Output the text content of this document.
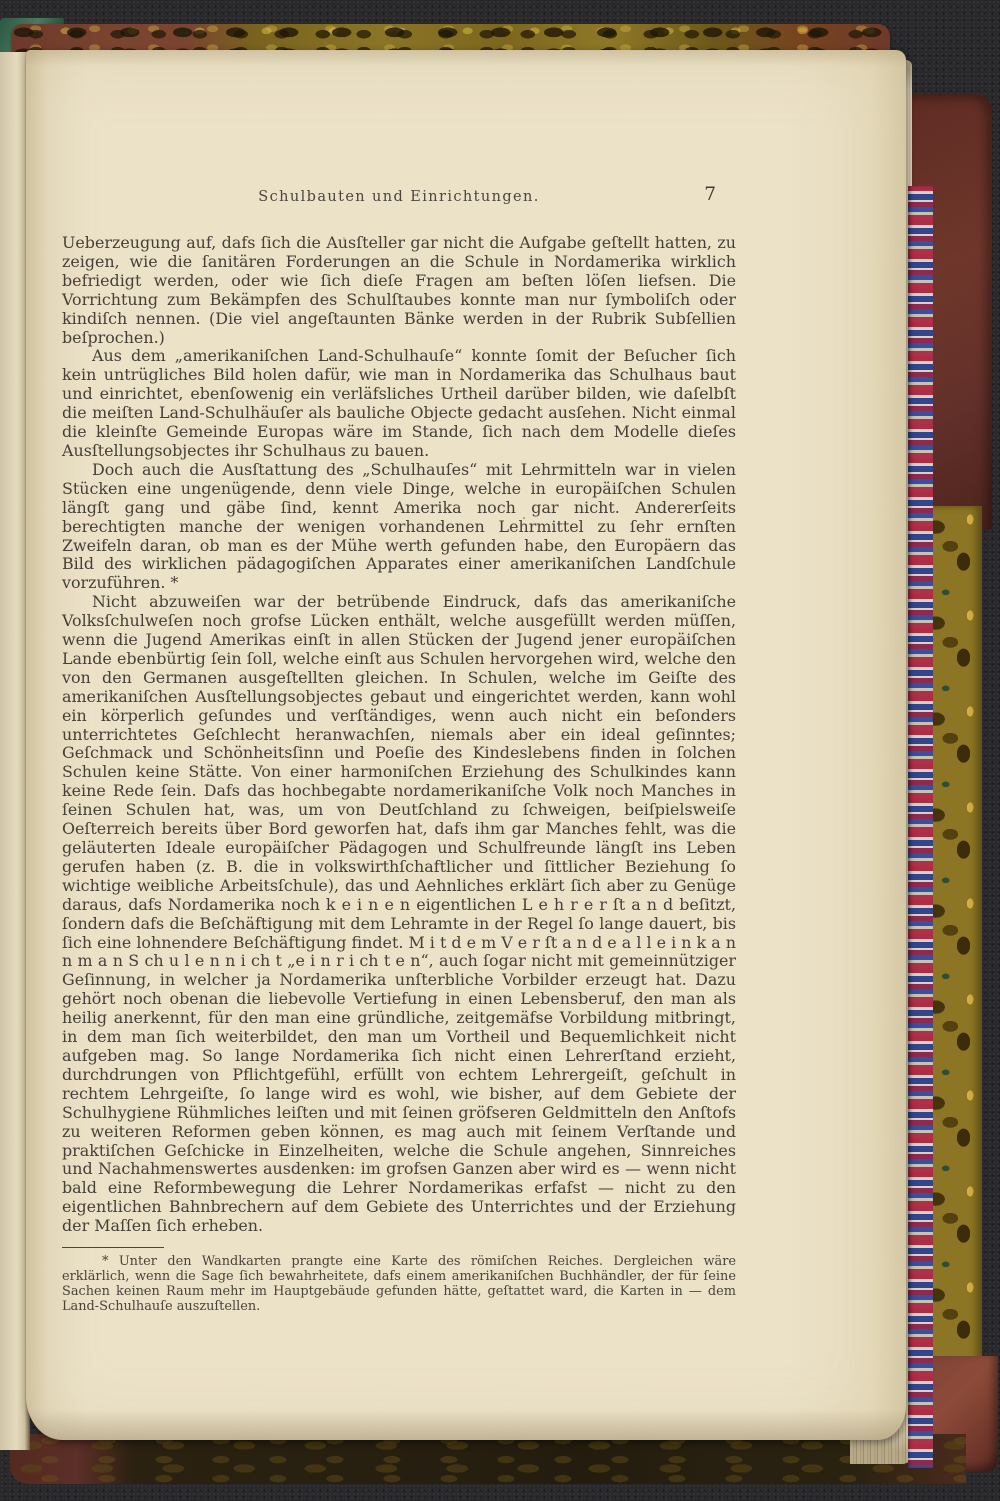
Schulbauten und Einrichtungen.	7

Ueberzeugung auf, dafs ſich die Ausſteller gar nicht die Aufgabe geſtellt hatten, zu zeigen, wie die ſanitären Forderungen an die Schule in Nordamerika wirklich befriedigt werden, oder wie ſich dieſe Fragen am beſten löſen liefsen. Die Vorrichtung zum Bekämpfen des Schulſtaubes konnte man nur ſymboliſch oder kindiſch nennen. (Die viel angeſtaunten Bänke werden in der Rubrik Subſellien beſprochen.)

Aus dem „amerikaniſchen Land-Schulhauſe“ konnte ſomit der Beſucher ſich kein untrügliches Bild holen dafür, wie man in Nordamerika das Schulhaus baut und einrichtet, ebenſowenig ein verläfsliches Urtheil darüber bilden, wie daſelbſt die meiſten Land-Schulhäuſer als bauliche Objecte gedacht ausſehen. Nicht einmal die kleinſte Gemeinde Europas wäre im Stande, ſich nach dem Modelle dieſes Ausſtellungsobjectes ihr Schulhaus zu bauen.

Doch auch die Ausſtattung des „Schulhauſes“ mit Lehrmitteln war in vielen Stücken eine ungenügende, denn viele Dinge, welche in europäiſchen Schulen längſt gang und gäbe ſind, kennt Amerika noch gar nicht. Andererſeits berechtigten manche der wenigen vorhandenen Lehrmittel zu ſehr ernſten Zweifeln daran, ob man es der Mühe werth gefunden habe, den Europäern das Bild des wirklichen pädagogiſchen Apparates einer amerikaniſchen Landſchule vorzuführen. *

Nicht abzuweiſen war der betrübende Eindruck, dafs das amerikaniſche Volksſchulweſen noch grofse Lücken enthält, welche ausgefüllt werden müſſen, wenn die Jugend Amerikas einſt in allen Stücken der Jugend jener europäiſchen Lande ebenbürtig ſein ſoll, welche einſt aus Schulen hervorgehen wird, welche den von den Germanen ausgeſtellten gleichen. In Schulen, welche im Geiſte des amerikaniſchen Ausſtellungsobjectes gebaut und eingerichtet werden, kann wohl ein körperlich geſundes und verſtändiges, wenn auch nicht ein beſonders unterrichtetes Geſchlecht heranwachſen, niemals aber ein ideal geſinntes; Geſchmack und Schönheitsſinn und Poeſie des Kindeslebens finden in ſolchen Schulen keine Stätte. Von einer harmoniſchen Erziehung des Schulkindes kann keine Rede ſein. Dafs das hochbegabte nordamerikaniſche Volk noch Manches in ſeinen Schulen hat, was, um von Deutſchland zu ſchweigen, beiſpielsweiſe Oeſterreich bereits über Bord geworfen hat, dafs ihm gar Manches fehlt, was die geläuterten Ideale europäiſcher Pädagogen und Schulfreunde längſt ins Leben gerufen haben (z. B. die in volkswirthſchaftlicher und ſittlicher Beziehung ſo wichtige weibliche Arbeitsſchule), das und Aehnliches erklärt ſich aber zu Genüge daraus, dafs Nordamerika noch k e i n e n eigentlichen L e h r e r ſt a n d beſitzt, ſondern dafs die Beſchäftigung mit dem Lehramte in der Regel ſo lange dauert, bis ſich eine lohnendere Beſchäftigung findet. M i t d e m V e r ſt a n d e a l l e i n k a n n m a n S ch u l e n n i ch t „e i n r i ch t e n“, auch ſogar nicht mit gemeinnütziger Geſinnung, in welcher ja Nordamerika unſterbliche Vorbilder erzeugt hat. Dazu gehört noch obenan die liebevolle Vertiefung in einen Lebensberuf, den man als heilig anerkennt, für den man eine gründliche, zeitgemäfse Vorbildung mitbringt, in dem man ſich weiterbildet, den man um Vortheil und Bequemlichkeit nicht aufgeben mag. So lange Nordamerika ſich nicht einen Lehrerſtand erzieht, durchdrungen von Pflichtgefühl, erfüllt von echtem Lehrergeiſt, geſchult in rechtem Lehrgeiſte, ſo lange wird es wohl, wie bisher, auf dem Gebiete der Schulhygiene Rühmliches leiſten und mit ſeinen gröfseren Geldmitteln den Anſtofs zu weiteren Reformen geben können, es mag auch mit ſeinem Verſtande und praktiſchen Geſchicke in Einzelheiten, welche die Schule angehen, Sinnreiches und Nachahmenswertes ausdenken: im grofsen Ganzen aber wird es — wenn nicht bald eine Reformbewegung die Lehrer Nordamerikas erfafst — nicht zu den eigentlichen Bahnbrechern auf dem Gebiete des Unterrichtes und der Erziehung der Maſſen ſich erheben.

* Unter den Wandkarten prangte eine Karte des römiſchen Reiches. Dergleichen wäre erklärlich, wenn die Sage ſich bewahrheitete, dafs einem amerikaniſchen Buchhändler, der für ſeine Sachen keinen Raum mehr im Hauptgebäude gefunden hätte, geſtattet ward, die Karten in — dem Land-Schulhauſe auszuſtellen.
